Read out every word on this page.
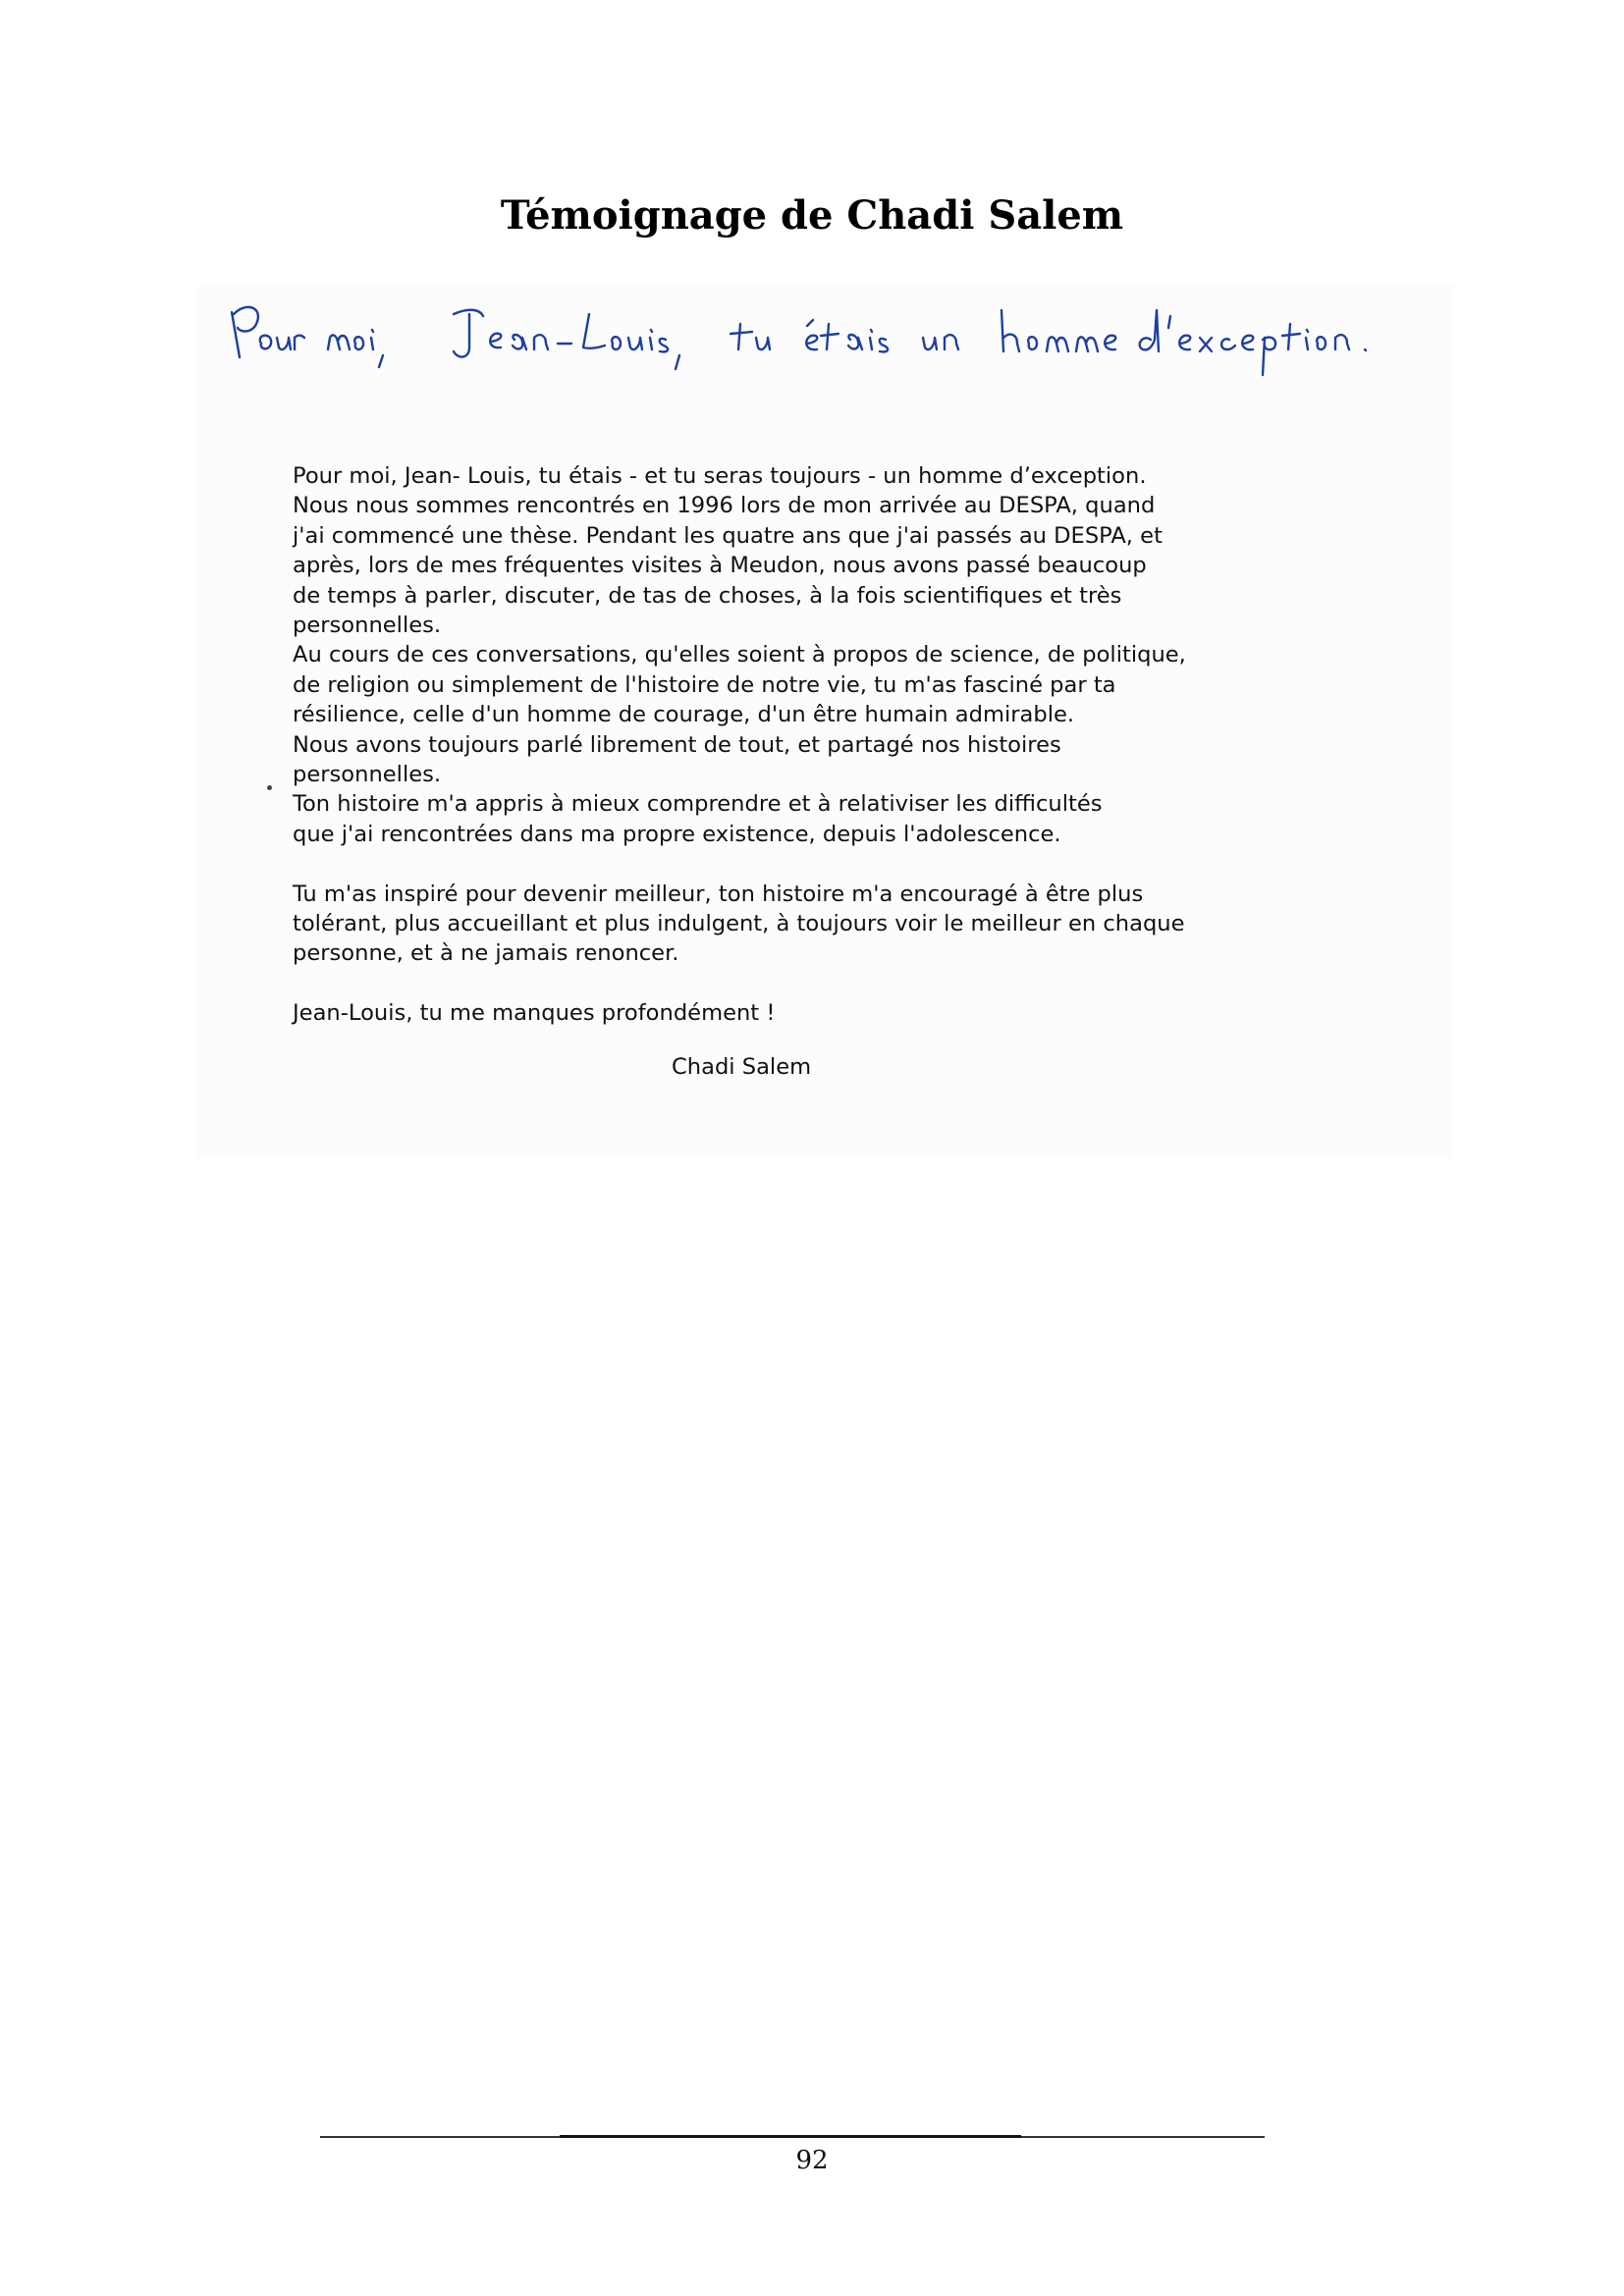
Témoignage de Chadi Salem

Pour moi, Jean- Louis, tu étais - et tu seras toujours - un homme d’exception.

Nous nous sommes rencontrés en 1996 lors de mon arrivée au DESPA, quand

j'ai commencé une thèse. Pendant les quatre ans que j'ai passés au DESPA, et

après, lors de mes fréquentes visites à Meudon, nous avons passé beaucoup

de temps à parler, discuter, de tas de choses, à la fois scientifiques et très

personnelles.

Au cours de ces conversations, qu'elles soient à propos de science, de politique,

de religion ou simplement de l'histoire de notre vie, tu m'as fasciné par ta

résilience, celle d'un homme de courage, d'un être humain admirable.

Nous avons toujours parlé librement de tout, et partagé nos histoires

personnelles.

Ton histoire m'a appris à mieux comprendre et à relativiser les difficultés

que j'ai rencontrées dans ma propre existence, depuis l'adolescence.

Tu m'as inspiré pour devenir meilleur, ton histoire m'a encouragé à être plus

tolérant, plus accueillant et plus indulgent, à toujours voir le meilleur en chaque

personne, et à ne jamais renoncer.

Jean-Louis, tu me manques profondément !

Chadi Salem
92
